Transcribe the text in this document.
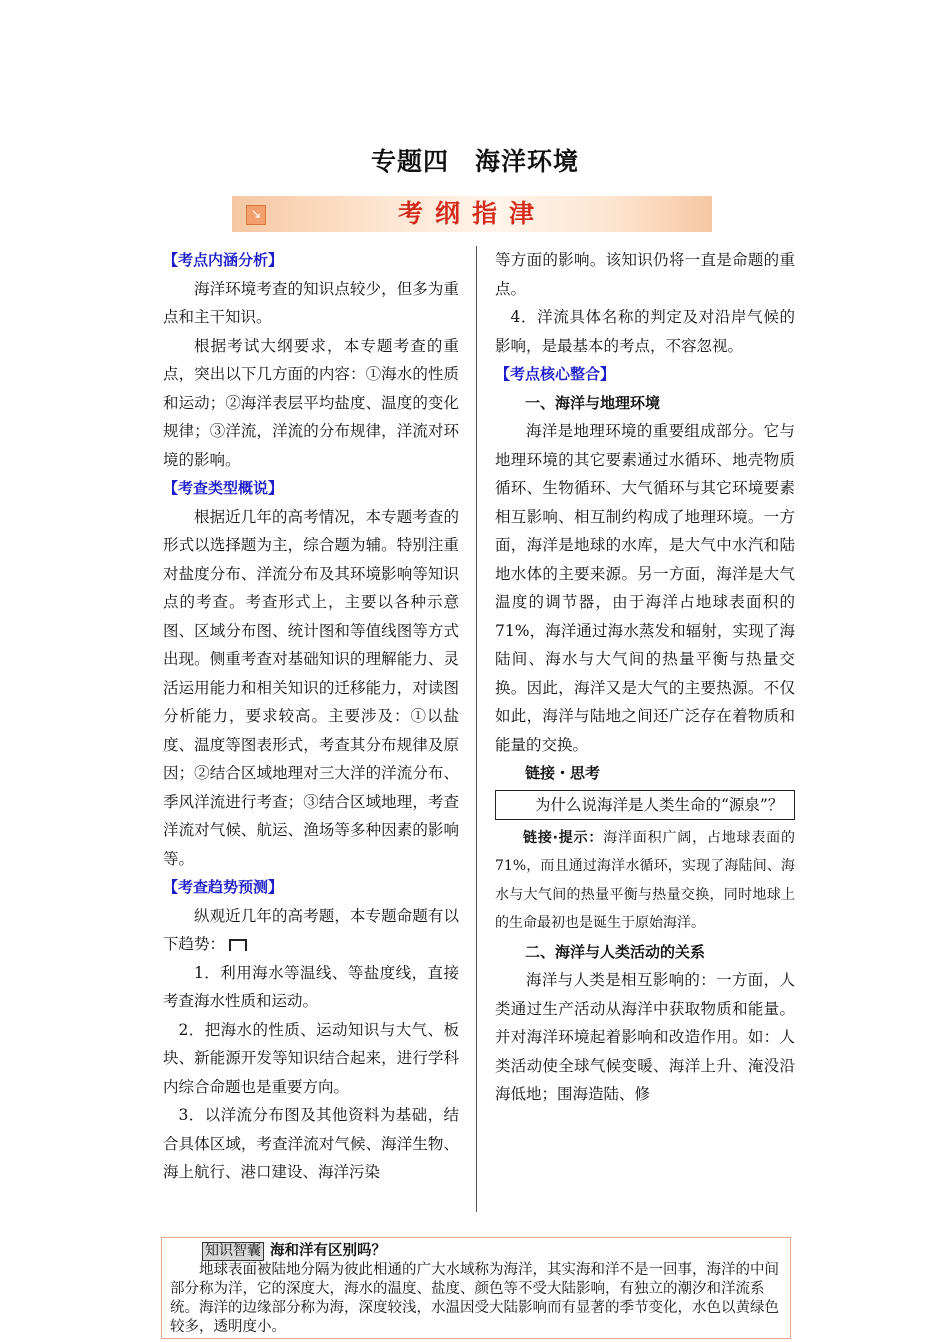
专题四　海洋环境
↘	考纲指津

【考点内涵分析】

海洋环境考查的知识点较少，但多为重点和主干知识。

根据考试大纲要求，本专题考查的重点，突出以下几方面的内容：①海水的性质和运动；②海洋表层平均盐度、温度的变化规律；③洋流，洋流的分布规律，洋流对环境的影响。

【考查类型概说】

根据近几年的高考情况，本专题考查的形式以选择题为主，综合题为辅。特别注重对盐度分布、洋流分布及其环境影响等知识点的考查。考查形式上，主要以各种示意图、区域分布图、统计图和等值线图等方式出现。侧重考查对基础知识的理解能力、灵活运用能力和相关知识的迁移能力，对读图分析能力，要求较高。主要涉及：①以盐度、温度等图表形式，考查其分布规律及原因；②结合区域地理对三大洋的洋流分布、季风洋流进行考查；③结合区域地理，考查洋流对气候、航运、渔场等多种因素的影响等。

【考查趋势预测】

纵观近几年的高考题，本专题命题有以下趋势：

1．利用海水等温线、等盐度线，直接考查海水性质和运动。

2．把海水的性质、运动知识与大气、板块、新能源开发等知识结合起来，进行学科内综合命题也是重要方向。

3．以洋流分布图及其他资料为基础，结合具体区域，考查洋流对气候、海洋生物、海上航行、港口建设、海洋污染

等方面的影响。该知识仍将一直是命题的重点。

4．洋流具体名称的判定及对沿岸气候的影响，是最基本的考点，不容忽视。

【考点核心整合】

一、海洋与地理环境

海洋是地理环境的重要组成部分。它与地理环境的其它要素通过水循环、地壳物质循环、生物循环、大气循环与其它环境要素相互影响、相互制约构成了地理环境。一方面，海洋是地球的水库，是大气中水汽和陆地水体的主要来源。另一方面，海洋是大气温度的调节器，由于海洋占地球表面积的71%，海洋通过海水蒸发和辐射，实现了海陆间、海水与大气间的热量平衡与热量交换。因此，海洋又是大气的主要热源。不仅如此，海洋与陆地之间还广泛存在着物质和能量的交换。

链接・思考

为什么说海洋是人类生命的“源泉”？

链接·提示：海洋面积广阔，占地球表面的71%，而且通过海洋水循环，实现了海陆间、海水与大气间的热量平衡与热量交换，同时地球上的生命最初也是诞生于原始海洋。

二、海洋与人类活动的关系

海洋与人类是相互影响的：一方面，人类通过生产活动从海洋中获取物质和能量。并对海洋环境起着影响和改造作用。如：人类活动使全球气候变暖、海洋上升、淹没沿海低地；围海造陆、修

知识智囊 海和洋有区别吗？

地球表面被陆地分隔为彼此相通的广大水域称为海洋，其实海和洋不是一回事，海洋的中间部分称为洋，它的深度大，海水的温度、盐度、颜色等不受大陆影响，有独立的潮汐和洋流系统。海洋的边缘部分称为海，深度较浅，水温因受大陆影响而有显著的季节变化，水色以黄绿色较多，透明度小。
